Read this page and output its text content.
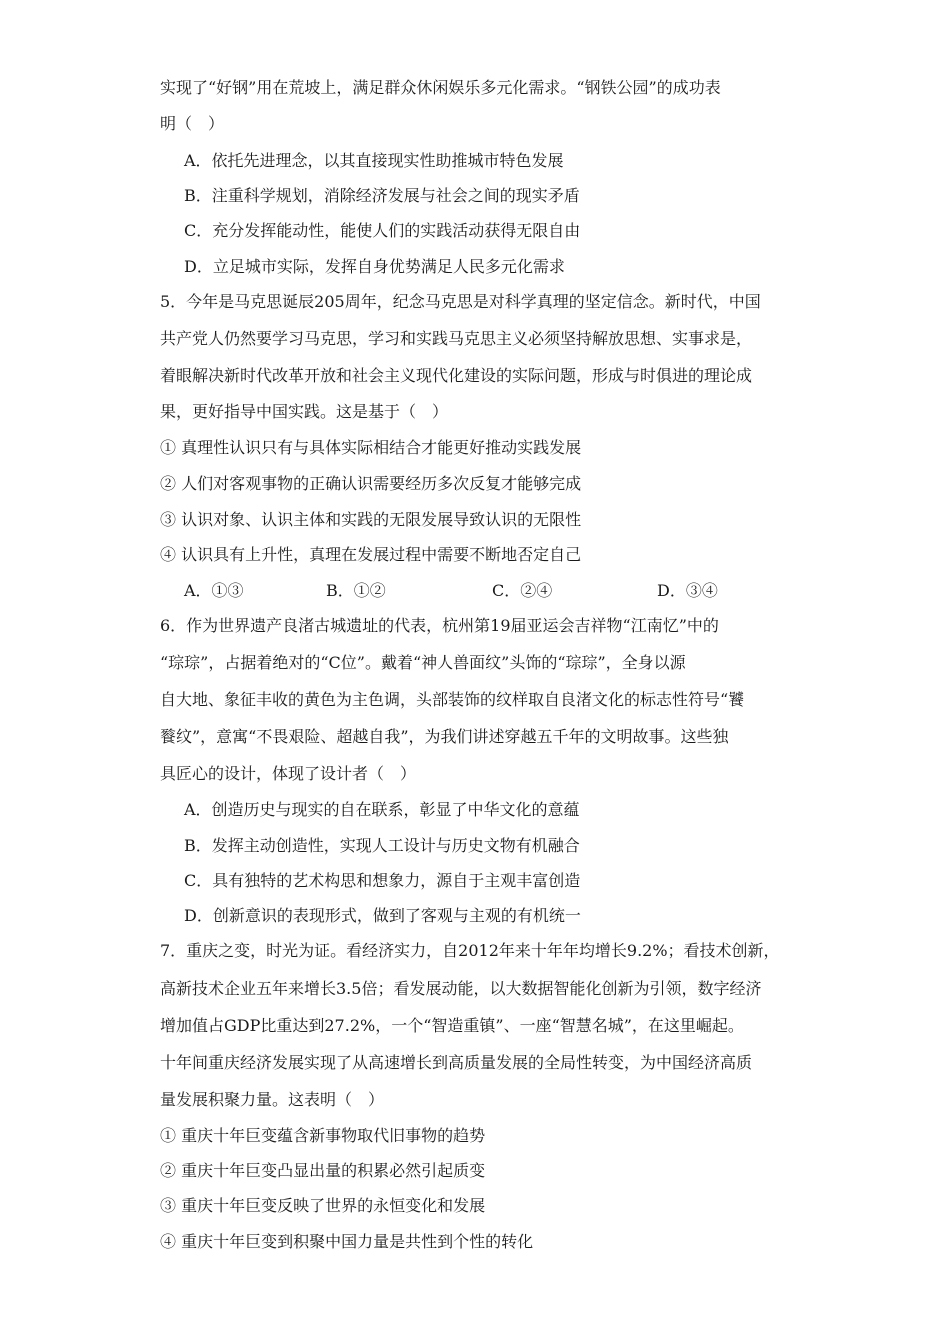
实现了“好钢”用在荒坡上，满足群众休闲娱乐多元化需求。“钢铁公园”的成功表
明（　）
A．依托先进理念，以其直接现实性助推城市特色发展
B．注重科学规划，消除经济发展与社会之间的现实矛盾
C．充分发挥能动性，能使人们的实践活动获得无限自由
D．立足城市实际，发挥自身优势满足人民多元化需求
5．今年是马克思诞辰205周年，纪念马克思是对科学真理的坚定信念。新时代，中国
共产党人仍然要学习马克思，学习和实践马克思主义必须坚持解放思想、实事求是，
着眼解决新时代改革开放和社会主义现代化建设的实际问题，形成与时俱进的理论成
果，更好指导中国实践。这是基于（　）
① 真理性认识只有与具体实际相结合才能更好推动实践发展
② 人们对客观事物的正确认识需要经历多次反复才能够完成
③ 认识对象、认识主体和实践的无限发展导致认识的无限性
④ 认识具有上升性，真理在发展过程中需要不断地否定自己
A．①③	B．①②	C．②④	D．③④
6．作为世界遗产良渚古城遗址的代表，杭州第19届亚运会吉祥物“江南忆”中的
“琮琮”，占据着绝对的“C位”。戴着“神人兽面纹”头饰的“琮琮”，全身以源
自大地、象征丰收的黄色为主色调，头部装饰的纹样取自良渚文化的标志性符号“饕
餮纹”，意寓“不畏艰险、超越自我”，为我们讲述穿越五千年的文明故事。这些独
具匠心的设计，体现了设计者（　）
A．创造历史与现实的自在联系，彰显了中华文化的意蕴
B．发挥主动创造性，实现人工设计与历史文物有机融合
C．具有独特的艺术构思和想象力，源自于主观丰富创造
D．创新意识的表现形式，做到了客观与主观的有机统一
7．重庆之变，时光为证。看经济实力，自2012年来十年年均增长9.2%；看技术创新，
高新技术企业五年来增长3.5倍；看发展动能，以大数据智能化创新为引领，数字经济
增加值占GDP比重达到27.2%，一个“智造重镇”、一座“智慧名城”，在这里崛起。
十年间重庆经济发展实现了从高速增长到高质量发展的全局性转变，为中国经济高质
量发展积聚力量。这表明（　）
① 重庆十年巨变蕴含新事物取代旧事物的趋势
② 重庆十年巨变凸显出量的积累必然引起质变
③ 重庆十年巨变反映了世界的永恒变化和发展
④ 重庆十年巨变到积聚中国力量是共性到个性的转化
